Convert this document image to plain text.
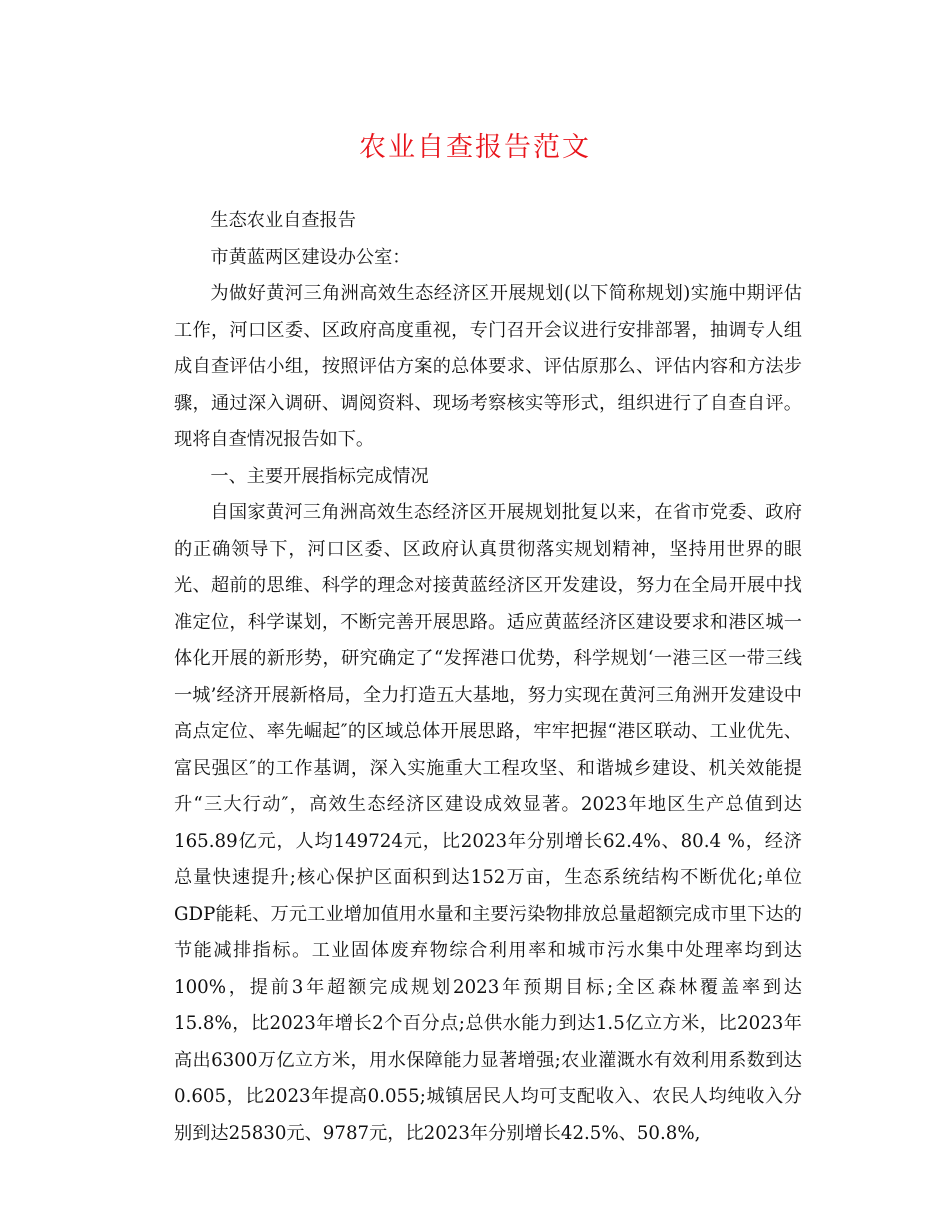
农业自查报告范文

生态农业自查报告

市黄蓝两区建设办公室：

为做好黄河三角洲高效生态经济区开展规划(以下简称规划)实施中期评估工作，河口区委、区政府高度重视，专门召开会议进行安排部署，抽调专人组成自查评估小组，按照评估方案的总体要求、评估原那么、评估内容和方法步骤，通过深入调研、调阅资料、现场考察核实等形式，组织进行了自查自评。现将自查情况报告如下。

一、主要开展指标完成情况

自国家黄河三角洲高效生态经济区开展规划批复以来，在省市党委、政府的正确领导下，河口区委、区政府认真贯彻落实规划精神，坚持用世界的眼光、超前的思维、科学的理念对接黄蓝经济区开发建设，努力在全局开展中找准定位，科学谋划，不断完善开展思路。适应黄蓝经济区建设要求和港区城一体化开展的新形势，研究确定了“发挥港口优势，科学规划‘一港三区一带三线一城’经济开展新格局，全力打造五大基地，努力实现在黄河三角洲开发建设中高点定位、率先崛起″的区域总体开展思路，牢牢把握“港区联动、工业优先、富民强区″的工作基调，深入实施重大工程攻坚、和谐城乡建设、机关效能提升“三大行动″，高效生态经济区建设成效显著。2023年地区生产总值到达165.89亿元，人均149724元，比2023年分别增长62.4%、80.4 %，经济总量快速提升;核心保护区面积到达152万亩，生态系统结构不断优化;单位GDP能耗、万元工业增加值用水量和主要污染物排放总量超额完成市里下达的节能减排指标。工业固体废弃物综合利用率和城市污水集中处理率均到达100%，提前3年超额完成规划2023年预期目标;全区森林覆盖率到达15.8%，比2023年增长2个百分点;总供水能力到达1.5亿立方米，比2023年高出6300万亿立方米，用水保障能力显著增强;农业灌溉水有效利用系数到达0.605，比2023年提高0.055;城镇居民人均可支配收入、农民人均纯收入分别到达25830元、9787元，比2023年分别增长42.5%、50.8%,
